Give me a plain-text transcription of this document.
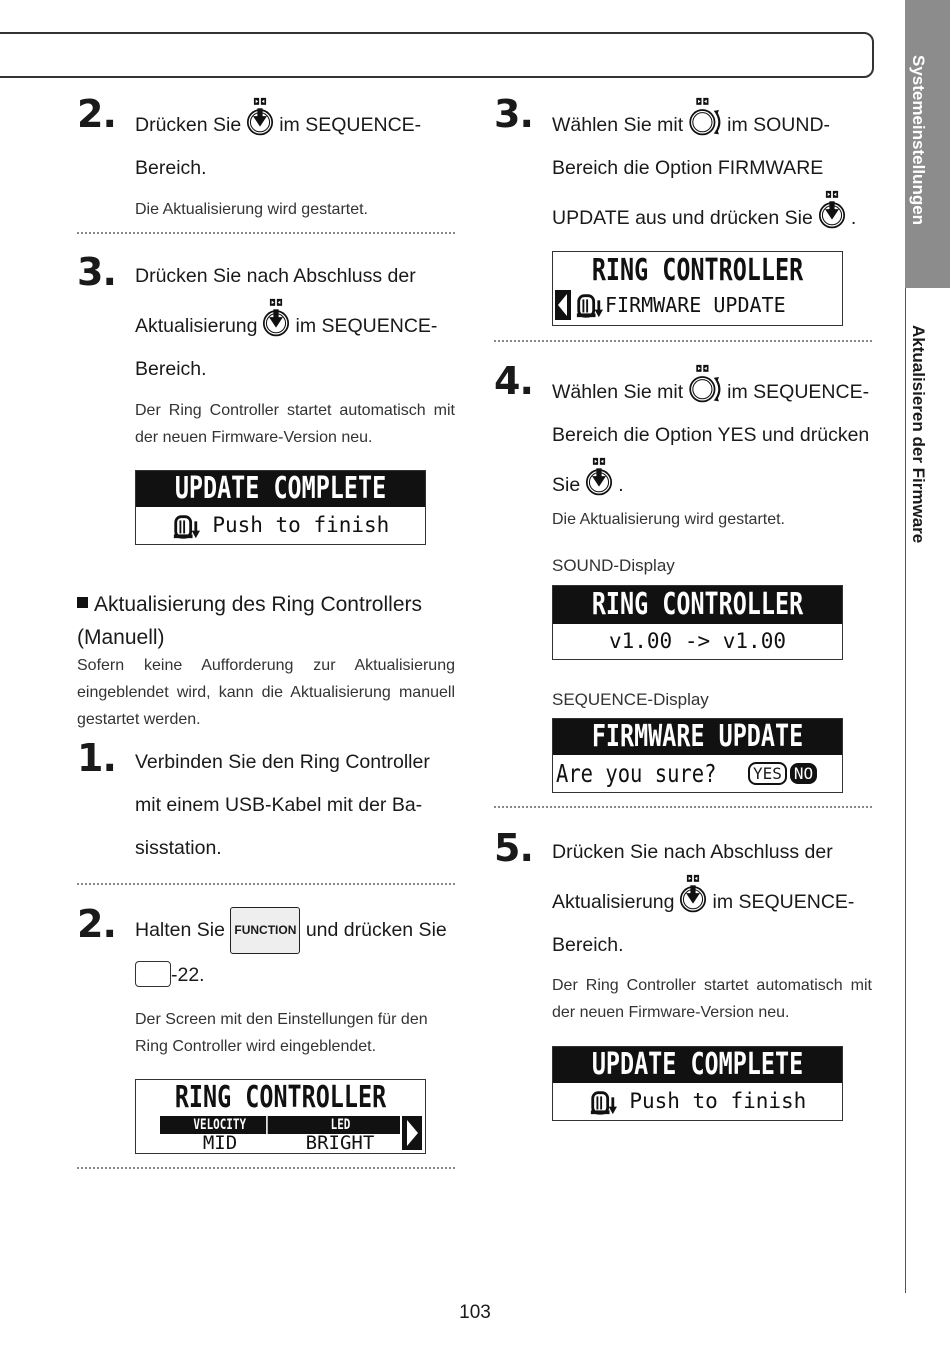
Systemeinstellungen
Aktualisieren der Firmware
2. Drücken Sie im SEQUENCE-
Bereich.
Die Aktualisierung wird gestartet.
3. Drücken Sie nach Abschluss der
Aktualisierung im SEQUENCE-
Bereich.
Der Ring Controller startet automatisch mit der neuen Firmware-Version neu.
UPDATE COMPLETE
Push to finish
Aktualisierung des Ring Controllers (Manuell)
Sofern keine Aufforderung zur Aktualisierung eingeblendet wird, kann die Aktualisierung manuell gestartet werden.
1. Verbinden Sie den Ring Controller
mit einem USB-Kabel mit der Ba-
sisstation.
2. Halten Sie FUNCTION und drücken Sie
-22.
Der Screen mit den Einstellungen für den Ring Controller wird eingeblendet.
RING CONTROLLER
VELOCITY	LED
MID	BRIGHT
3. Wählen Sie mit im SOUND-
Bereich die Option FIRMWARE
UPDATE aus und drücken Sie .
RING CONTROLLER
FIRMWARE UPDATE
4. Wählen Sie mit im SEQUENCE-
Bereich die Option YES und drücken
Sie .
Die Aktualisierung wird gestartet.
SOUND-Display
RING CONTROLLER
v1.00 -> v1.00
SEQUENCE-Display
FIRMWARE UPDATE
Are you sure?	YES NO
5. Drücken Sie nach Abschluss der
Aktualisierung im SEQUENCE-
Bereich.
Der Ring Controller startet automatisch mit der neuen Firmware-Version neu.
UPDATE COMPLETE
Push to finish
103
